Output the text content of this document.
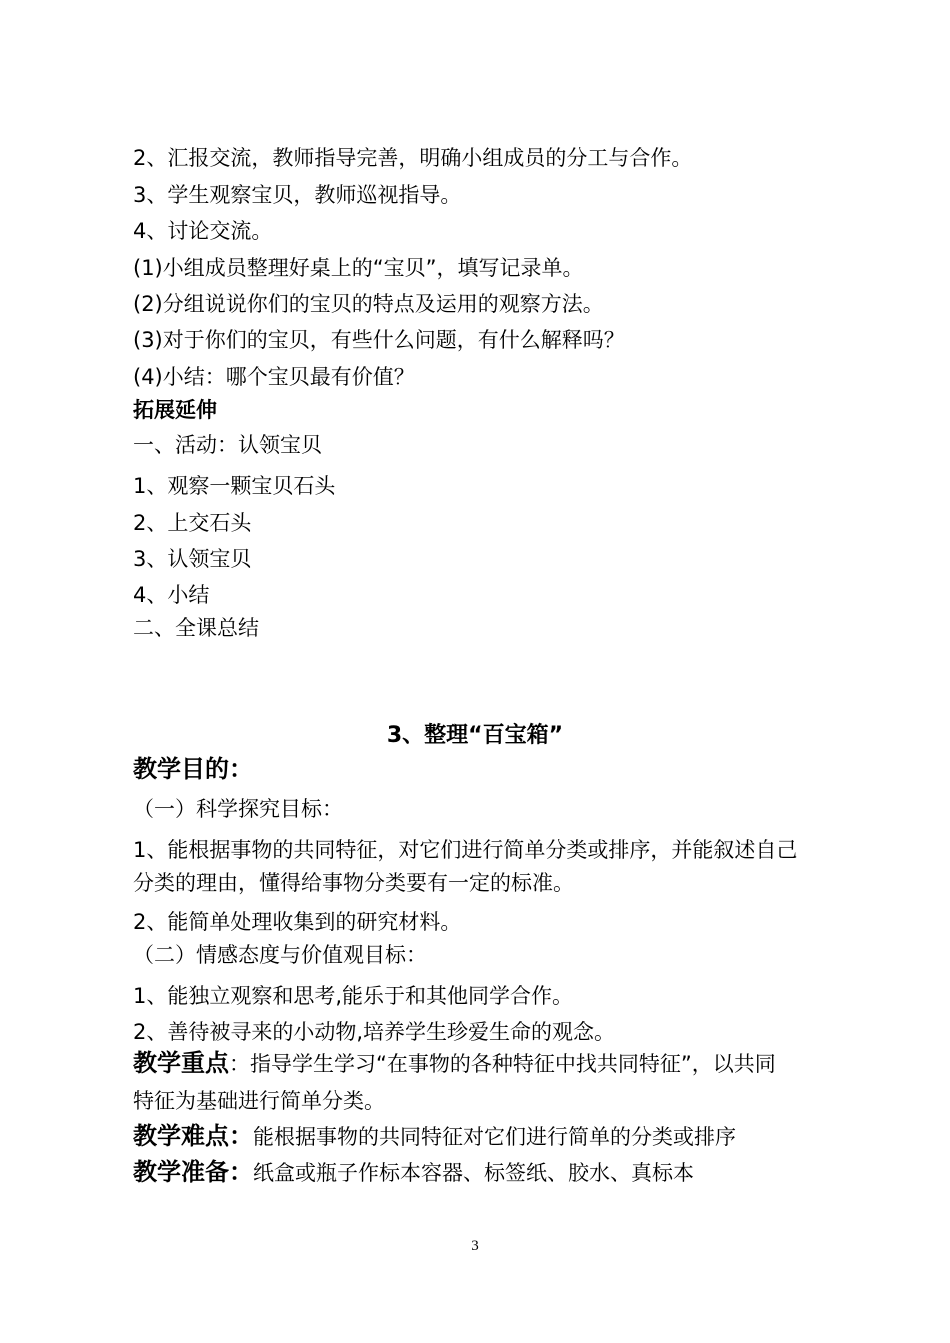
2、汇报交流，教师指导完善，明确小组成员的分工与合作。
3、学生观察宝贝，教师巡视指导。
4、讨论交流。
(1)小组成员整理好桌上的“宝贝”，填写记录单。
(2)分组说说你们的宝贝的特点及运用的观察方法。
(3)对于你们的宝贝，有些什么问题，有什么解释吗？
(4)小结：哪个宝贝最有价值？
拓展延伸
一、活动：认领宝贝
1、观察一颗宝贝石头
2、上交石头
3、认领宝贝
4、小结
二、全课总结
3、整理“百宝箱”
教学目的：
（一）科学探究目标：
1、能根据事物的共同特征，对它们进行简单分类或排序，并能叙述自己
分类的理由，懂得给事物分类要有一定的标准。
2、能简单处理收集到的研究材料。
（二）情感态度与价值观目标：
1、能独立观察和思考,能乐于和其他同学合作。
2、善待被寻来的小动物,培养学生珍爱生命的观念。
教学重点：指导学生学习“在事物的各种特征中找共同特征”，以共同
特征为基础进行简单分类。
教学难点：能根据事物的共同特征对它们进行简单的分类或排序
教学准备：纸盒或瓶子作标本容器、标签纸、胶水、真标本
3
